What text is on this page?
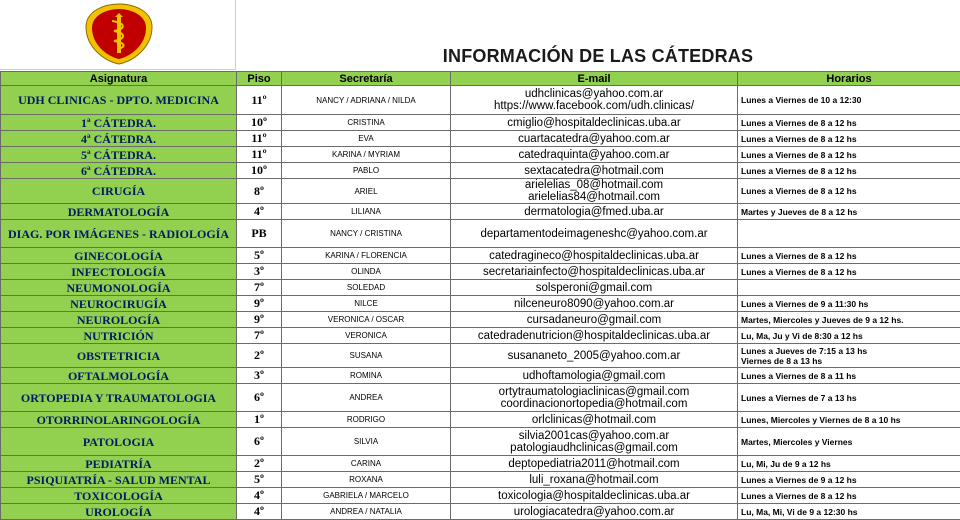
INFORMACIÓN DE LAS CÁTEDRAS
Asignatura	Piso	Secretaría	E-mail	Horarios
UDH CLINICAS - DPTO. MEDICINA	11º	NANCY / ADRIANA / NILDA	udhclinicas@yahoo.com.ar
https://www.facebook.com/udh.clinicas/	Lunes a Viernes de 10 a 12:30
1ª CÁTEDRA.	10º	CRISTINA	cmiglio@hospitaldeclinicas.uba.ar	Lunes a Viernes de 8 a 12 hs
4ª CÁTEDRA.	11º	EVA	cuartacatedra@yahoo.com.ar	Lunes a Viernes de 8 a 12 hs
5ª CÁTEDRA.	11º	KARINA / MYRIAM	catedraquinta@yahoo.com.ar	Lunes a Viernes de 8 a 12 hs
6ª CÁTEDRA.	10º	PABLO	sextacatedra@hotmail.com	Lunes a Viernes de 8 a 12 hs
CIRUGÍA	8º	ARIEL	arielelias_08@hotmail.com
arielelias84@hotmail.com	Lunes a Viernes de 8 a 12 hs
DERMATOLOGÍA	4º	LILIANA	dermatologia@fmed.uba.ar	Martes y Jueves de 8 a 12 hs
DIAG. POR IMÁGENES - RADIOLOGÍA	PB	NANCY / CRISTINA	departamentodeimageneshc@yahoo.com.ar	
GINECOLOGÍA	5º	KARINA / FLORENCIA	catedragineco@hospitaldeclinicas.uba.ar	Lunes a Viernes de 8 a 12 hs
INFECTOLOGÍA	3º	OLINDA	secretariainfecto@hospitaldeclinicas.uba.ar	Lunes a Viernes de 8 a 12 hs
NEUMONOLOGÍA	7º	SOLEDAD	solsperoni@gmail.com	
NEUROCIRUGÍA	9º	NILCE	nilceneuro8090@yahoo.com.ar	Lunes a Viernes de 9 a 11:30 hs
NEUROLOGÍA	9º	VERONICA / OSCAR	cursadaneuro@gmail.com	Martes, Miercoles y Jueves de 9 a 12 hs.
NUTRICIÓN	7º	VERONICA	catedradenutricion@hospitaldeclinicas.uba.ar	Lu, Ma, Ju y Vi de 8:30 a 12 hs
OBSTETRICIA	2º	SUSANA	susananeto_2005@yahoo.com.ar	Lunes a Jueves de 7:15 a 13 hs
Viernes de 8 a 13 hs
OFTALMOLOGÍA	3º	ROMINA	udhoftamologia@gmail.com	Lunes a Viernes de 8 a 11 hs
ORTOPEDIA Y TRAUMATOLOGIA	6º	ANDREA	ortytraumatologiaclinicas@gmail.com
coordinacionortopedia@hotmail.com	Lunes a Viernes de 7 a 13 hs
OTORRINOLARINGOLOGÍA	1º	RODRIGO	orlclinicas@hotmail.com	Lunes, Miercoles y Viernes de 8 a 10 hs
PATOLOGIA	6º	SILVIA	silvia2001cas@yahoo.com.ar
patologiaudhclinicas@gmail.com	Martes, Miercoles y Viernes
PEDIATRÍA	2º	CARINA	deptopediatria2011@hotmail.com	Lu, Mi, Ju de 9 a 12 hs
PSIQUIATRÍA - SALUD MENTAL	5º	ROXANA	luli_roxana@hotmail.com	Lunes a Viernes de 9 a 12 hs
TOXICOLOGÍA	4º	GABRIELA / MARCELO	toxicologia@hospitaldeclinicas.uba.ar	Lunes a Viernes de 8 a 12 hs
UROLOGÍA	4º	ANDREA / NATALIA	urologiacatedra@yahoo.com.ar	Lu, Ma, Mi, Vi de 9 a 12:30 hs
